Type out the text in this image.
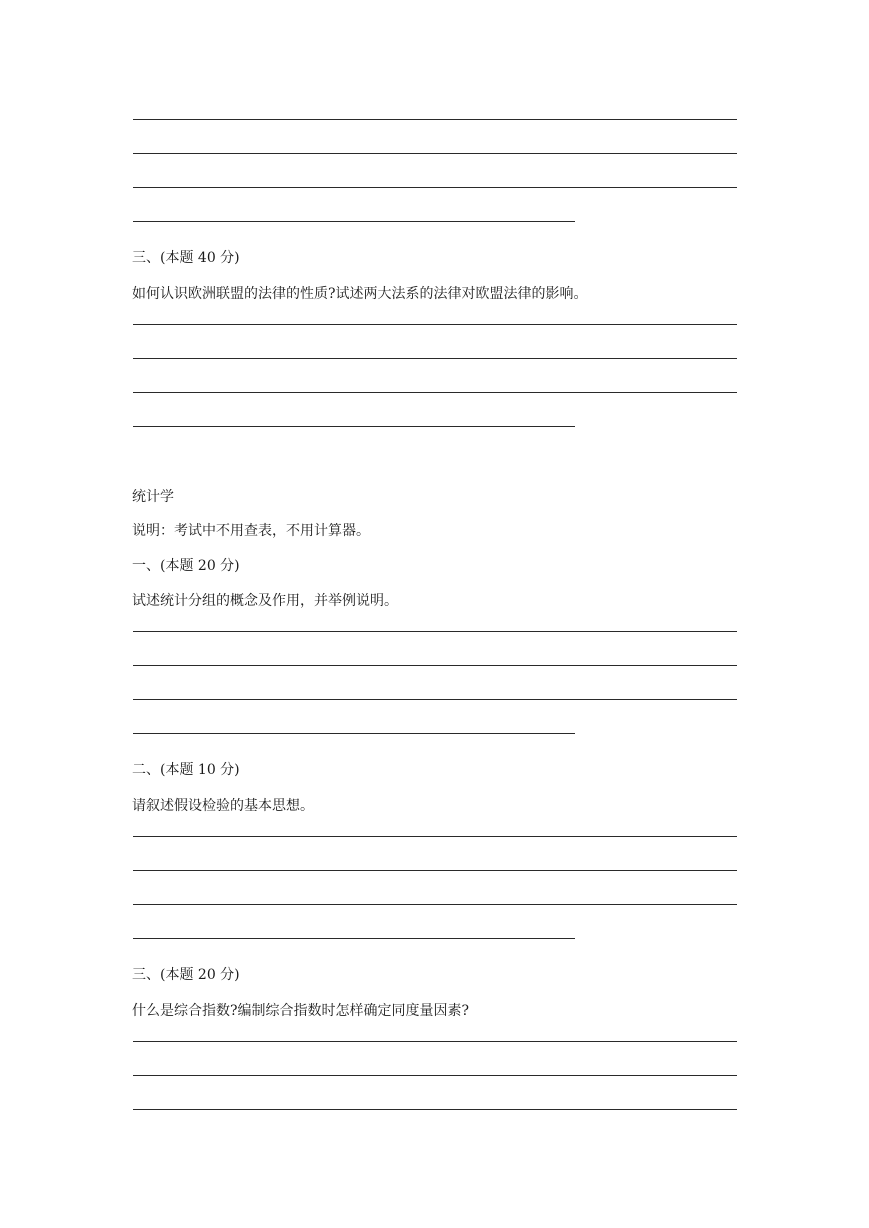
三、(本题 40 分)
如何认识欧洲联盟的法律的性质?试述两大法系的法律对欧盟法律的影响。
统计学
说明：考试中不用查表，不用计算器。
一、(本题 20 分)
试述统计分组的概念及作用，并举例说明。
二、(本题 10 分)
请叙述假设检验的基本思想。
三、(本题 20 分)
什么是综合指数?编制综合指数时怎样确定同度量因素?
